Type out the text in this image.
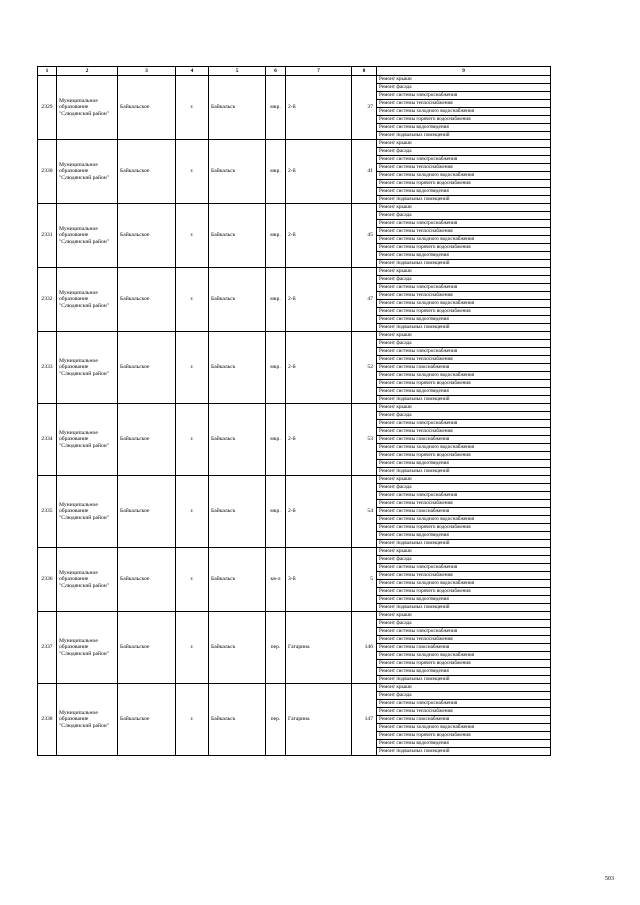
1	2	3	4	5	6	7	8	9
2329	Муниципальное образование "Слюдянский район"	Байкальское	г.	Байкальск	мкр.	2-й	37	Ремонт крыши
								Ремонт фасада
								Ремонт системы электроснабжения
								Ремонт системы теплоснабжения
								Ремонт системы холодного водоснабжения
								Ремонт системы горячего водоснабжения
								Ремонт системы водоотведения
								Ремонт подвальных помещений
2330	Муниципальное образование "Слюдянский район"	Байкальское	г.	Байкальск	мкр.	2-й	41	Ремонт крыши
								Ремонт фасада
								Ремонт системы электроснабжения
								Ремонт системы теплоснабжения
								Ремонт системы холодного водоснабжения
								Ремонт системы горячего водоснабжения
								Ремонт системы водоотведения
								Ремонт подвальных помещений
2331	Муниципальное образование "Слюдянский район"	Байкальское	г.	Байкальск	мкр.	2-й	45	Ремонт крыши
								Ремонт фасада
								Ремонт системы электроснабжения
								Ремонт системы теплоснабжения
								Ремонт системы холодного водоснабжения
								Ремонт системы горячего водоснабжения
								Ремонт системы водоотведения
								Ремонт подвальных помещений
2332	Муниципальное образование "Слюдянский район"	Байкальское	г.	Байкальск	мкр.	2-й	47	Ремонт крыши
								Ремонт фасада
								Ремонт системы электроснабжения
								Ремонт системы теплоснабжения
								Ремонт системы холодного водоснабжения
								Ремонт системы горячего водоснабжения
								Ремонт системы водоотведения
								Ремонт подвальных помещений
2333	Муниципальное образование "Слюдянский район"	Байкальское	г.	Байкальск	мкр.	2-й	52	Ремонт крыши
								Ремонт фасада
								Ремонт системы электроснабжения
								Ремонт системы теплоснабжения
								Ремонт системы газоснабжения
								Ремонт системы холодного водоснабжения
								Ремонт системы горячего водоснабжения
								Ремонт системы водоотведения
								Ремонт подвальных помещений
2334	Муниципальное образование "Слюдянский район"	Байкальское	г.	Байкальск	мкр.	2-й	53	Ремонт крыши
								Ремонт фасада
								Ремонт системы электроснабжения
								Ремонт системы теплоснабжения
								Ремонт системы газоснабжения
								Ремонт системы холодного водоснабжения
								Ремонт системы горячего водоснабжения
								Ремонт системы водоотведения
								Ремонт подвальных помещений
2335	Муниципальное образование "Слюдянский район"	Байкальское	г.	Байкальск	мкр.	2-й	54	Ремонт крыши
								Ремонт фасада
								Ремонт системы электроснабжения
								Ремонт системы теплоснабжения
								Ремонт системы газоснабжения
								Ремонт системы холодного водоснабжения
								Ремонт системы горячего водоснабжения
								Ремонт системы водоотведения
								Ремонт подвальных помещений
2336	Муниципальное образование "Слюдянский район"	Байкальское	г.	Байкальск	кв-л	3-й	5	Ремонт крыши
								Ремонт фасада
								Ремонт системы электроснабжения
								Ремонт системы теплоснабжения
								Ремонт системы холодного водоснабжения
								Ремонт системы горячего водоснабжения
								Ремонт системы водоотведения
								Ремонт подвальных помещений
2337	Муниципальное образование "Слюдянский район"	Байкальское	г.	Байкальск	пер.	Гагарина	146	Ремонт крыши
								Ремонт фасада
								Ремонт системы электроснабжения
								Ремонт системы теплоснабжения
								Ремонт системы газоснабжения
								Ремонт системы холодного водоснабжения
								Ремонт системы горячего водоснабжения
								Ремонт системы водоотведения
								Ремонт подвальных помещений
2338	Муниципальное образование "Слюдянский район"	Байкальское	г.	Байкальск	пер.	Гагарина	147	Ремонт крыши
								Ремонт фасада
								Ремонт системы электроснабжения
								Ремонт системы теплоснабжения
								Ремонт системы газоснабжения
								Ремонт системы холодного водоснабжения
								Ремонт системы горячего водоснабжения
								Ремонт системы водоотведения
								Ремонт подвальных помещений
503
